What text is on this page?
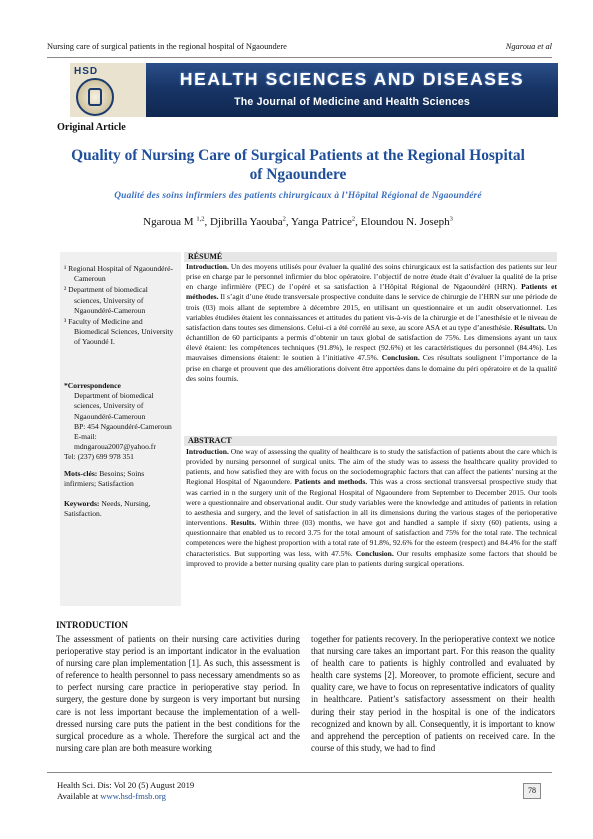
Nursing care of surgical patients in the regional hospital of Ngaoundere	Ngaroua et al
HSD	HEALTH SCIENCES AND DISEASES
The Journal of Medicine and Health Sciences
Original Article
Quality of Nursing Care of Surgical Patients at the Regional Hospital of Ngaoundere
Qualité des soins infirmiers des patients chirurgicaux à l’Hôpital Régional de Ngaoundéré
Ngaroua M $^{1,2}$, Djibrilla Yaouba$^2$, Yanga Patrice$^2$, Eloundou N. Joseph$^3$

¹ Regional Hospital of Ngaoundéré-Cameroun

² Department of biomedical sciences, University of Ngaoundéré-Cameroun

³ Faculty of Medicine and Biomedical Sciences, University of Yaoundé I.

*Correspondence

Department of biomedical sciences, University of Ngaoundéré-Cameroun

BP: 454 Ngaoundéré-Cameroun

E-mail: mdngaroua2007@yahoo.fr

Tel: (237) 699 978 351

Mots-clés: Besoins; Soins infirmiers; Satisfaction
Keywords: Needs, Nursing, Satisfaction.
RÉSUMÉ
Introduction. Un des moyens utilisés pour évaluer la qualité des soins chirurgicaux est la satisfaction des patients sur leur prise en charge par le personnel infirmier du bloc opératoire. l’objectif de notre étude était d’évaluer la qualité de la prise en charge infirmière (PEC) de l’opéré et sa satisfaction à l’Hôpital Régional de Ngaoundéré (HRN). Patients et méthodes. Il s’agit d’une étude transversale prospective conduite dans le service de chirurgie de l’HRN sur une période de trois (03) mois allant de septembre à décembre 2015, en utilisant un questionnaire et un audit observationnel. Les variables étudiées étaient les connaissances et attitudes du patient vis-à-vis de la chirurgie et de l’anesthésie et le niveau de satisfaction dans toutes ses dimensions. Celui-ci a été corrélé au sexe, au score ASA et au type d’anesthésie. Résultats. Un échantillon de 60 participants a permis d’obtenir un taux global de satisfaction de 75%. Les dimensions ayant un taux élevé étaient: les compétences techniques (91.8%), le respect (92.6%) et les caractéristiques du personnel (84.4%). Les mauvaises dimensions étaient: le soutien à l’initiative 47.5%. Conclusion. Ces résultats soulignent l’importance de la prise en charge et prouvent que des améliorations doivent être apportées dans le domaine du péri opératoire et de la qualité des soins fournis.
ABSTRACT
Introduction. One way of assessing the quality of healthcare is to study the satisfaction of patients about the care which is provided by nursing personnel of surgical units. The aim of the study was to assess the healthcare quality provided to patients, and how satisfied they are with focus on the sociodemographic factors that can affect the patients’ nursing at the Regional Hospital of Ngaoundere. Patients and methods. This was a cross sectional transversal prospective study that was carried in n the surgery unit of the Regional Hospital of Ngaoundere from September to December 2015. Our tools were a questionnaire and observational audit. Our study variables were the knowledge and attitudes of patients in relation to aesthesia and surgery, and the level of satisfaction in all its dimensions during the various stages of the perioperative interventions. Results. Within three (03) months, we have got and handled a sample if sixty (60) patients, using a questionnaire that enabled us to record 3.75 for the total amount of satisfaction and 75% for the total rate. The technical competences were the highest proportion with a total rate of 91.8%, 92.6% for the esteem (respect) and 84.4% for the staff characteristics. But supporting was less, with 47.5%. Conclusion. Our results emphasize some factors that should be improved to provide a better nursing quality care plan to patients during surgical operations.
INTRODUCTION
The assessment of patients on their nursing care activities during perioperative stay period is an important indicator in the evaluation of nursing care plan implementation [1]. As such, this assessment is of reference to health personnel to pass necessary amendments so as to perfect nursing care practice in perioperative stay period. In surgery, the gesture done by surgeon is very important but nursing care is not less important because the implementation of a well-dressed nursing care puts the patient in the best conditions for the surgical procedure as a whole. Therefore the surgical act and the nursing care plan are both measure working
together for patients recovery. In the perioperative context we notice that nursing care takes an important part. For this reason the quality of health care to patients is highly controlled and evaluated by health care systems [2]. Moreover, to promote efficient, secure and quality care, we have to focus on representative indicators of quality in healthcare. Patient’s satisfactory assessment on their health during their stay period in the hospital is one of the indicators recognized and known by all. Consequently, it is important to know and apprehend the perception of patients on received care. In the course of this study, we had to find
Health Sci. Dis: Vol 20 (5) August 2019
Available at www.hsd-fmsb.org
78
